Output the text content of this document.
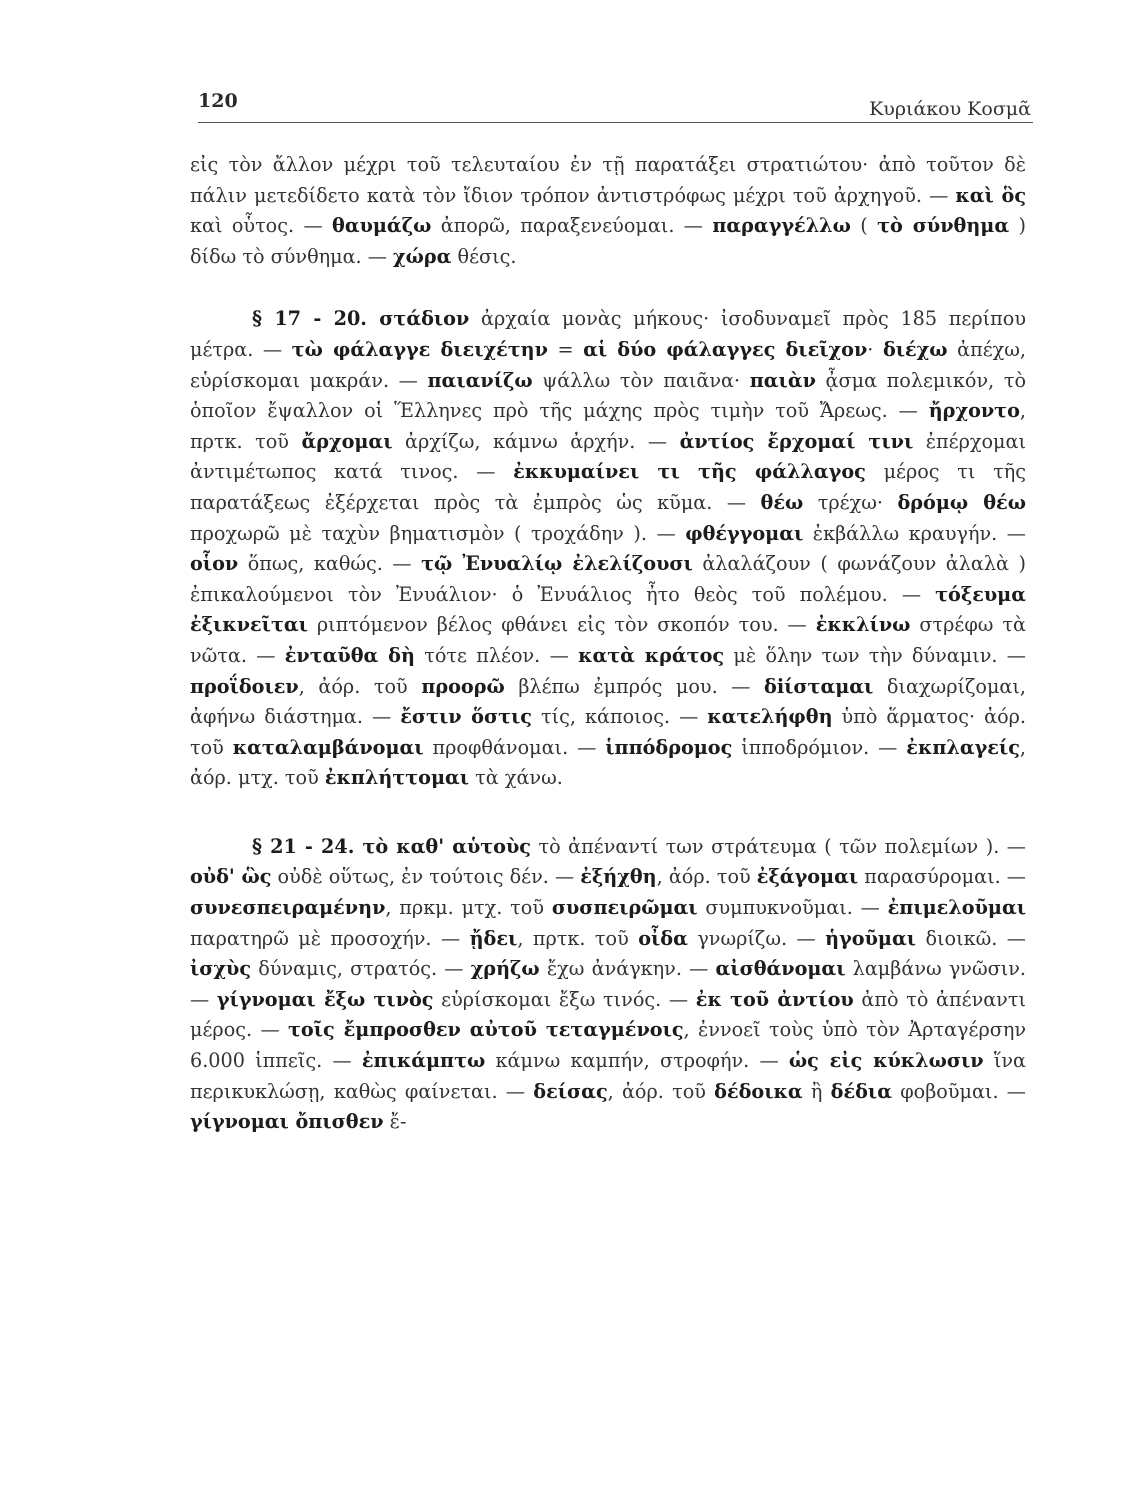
120	Κυριάκου Κοσμᾶ

εἰς τὸν ἄλλον μέχρι τοῦ τελευταίου ἐν τῇ παρατάξει στρατιώτου· ἀπὸ τοῦτον δὲ πάλιν μετεδίδετο κατὰ τὸν ἴδιον τρόπον ἀντιστρόφως μέχρι τοῦ ἀρχηγοῦ. — καὶ ὃς καὶ οὗτος. — θαυμάζω ἀπορῶ, παραξενεύομαι. — παραγγέλλω ( τὸ σύνθημα ) δίδω τὸ σύνθημα. — χώρα θέσις.

§ 17 - 20. στάδιον ἀρχαία μονὰς μήκους· ἰσοδυναμεῖ πρὸς 185 περίπου μέτρα. — τὼ φάλαγγε διειχέτην = αἱ δύο φάλαγγες διεῖχον· διέχω ἀπέχω, εὑρίσκομαι μακράν. — παιανίζω ψάλλω τὸν παιᾶνα· παιὰν ᾆσμα πολεμικόν, τὸ ὁποῖον ἔψαλλον οἱ Ἕλληνες πρὸ τῆς μάχης πρὸς τιμὴν τοῦ Ἄρεως. — ἤρχοντο, πρτκ. τοῦ ἄρχομαι ἀρχίζω, κάμνω ἀρχήν. — ἀντίος ἔρχομαί τινι ἐπέρχομαι ἀντιμέτωπος κατά τινος. — ἐκκυμαίνει τι τῆς φάλλαγος μέρος τι τῆς παρατάξεως ἐξέρχεται πρὸς τὰ ἐμπρὸς ὡς κῦμα. — θέω τρέχω· δρόμῳ θέω προχωρῶ μὲ ταχὺν βηματισμὸν ( τροχάδην ). — φθέγγομαι ἐκβάλλω κραυγήν. — οἷον ὅπως, καθώς. — τῷ Ἐνυαλίῳ ἐλελίζουσι ἀλαλάζουν ( φωνάζουν ἀλαλὰ ) ἐπικαλούμενοι τὸν Ἐνυάλιον· ὁ Ἐνυάλιος ἦτο θεὸς τοῦ πολέμου. — τόξευμα ἐξικνεῖται ριπτόμενον βέλος φθάνει εἰς τὸν σκοπόν του. — ἐκκλίνω στρέφω τὰ νῶτα. — ἐνταῦθα δὴ τότε πλέον. — κατὰ κράτος μὲ ὅλην των τὴν δύναμιν. — προΐδοιεν, ἀόρ. τοῦ προορῶ βλέπω ἐμπρός μου. — δiίσταμαι διαχωρίζομαι, ἀφήνω διάστημα. — ἔστιν ὅστις τίς, κάποιος. — κατελήφθη ὑπὸ ἅρματος· ἀόρ. τοῦ καταλαμβάνομαι προφθάνομαι. — ἱππόδρομος ἱπποδρόμιον. — ἐκπλαγείς, ἀόρ. μτχ. τοῦ ἐκπλήττομαι τὰ χάνω.

§ 21 - 24. τὸ καθ' αὑτοὺς τὸ ἀπέναντί των στράτευμα ( τῶν πολεμίων ). — οὐδ' ὣς οὐδὲ οὕτως, ἐν τούτοις δέν. — ἐξήχθη, ἀόρ. τοῦ ἐξάγομαι παρασύρομαι. — συνεσπειραμένην, πρκμ. μτχ. τοῦ συσπειρῶμαι συμπυκνοῦμαι. — ἐπιμελοῦμαι παρατηρῶ μὲ προσοχήν. — ᾔδει, πρτκ. τοῦ οἶδα γνωρίζω. — ἡγοῦμαι διοικῶ. — ἰσχὺς δύναμις, στρατός. — χρήζω ἔχω ἀνάγκην. — αἰσθάνομαι λαμβάνω γνῶσιν. — γίγνομαι ἔξω τινὸς εὑρίσκομαι ἔξω τινός. — ἐκ τοῦ ἀντίου ἀπὸ τὸ ἀπέναντι μέρος. — τοῖς ἔμπροσθεν αὐτοῦ τεταγμένοις, ἐννοεῖ τοὺς ὑπὸ τὸν Ἀρταγέρσην 6.000 ἱππεῖς. — ἐπικάμπτω κάμνω καμπήν, στροφήν. — ὡς εἰς κύκλωσιν ἵνα περικυκλώσῃ, καθὼς φαίνεται. — δείσας, ἀόρ. τοῦ δέδοικα ἢ δέδια φοβοῦμαι. — γίγνομαι ὄπισθεν ἔ-
